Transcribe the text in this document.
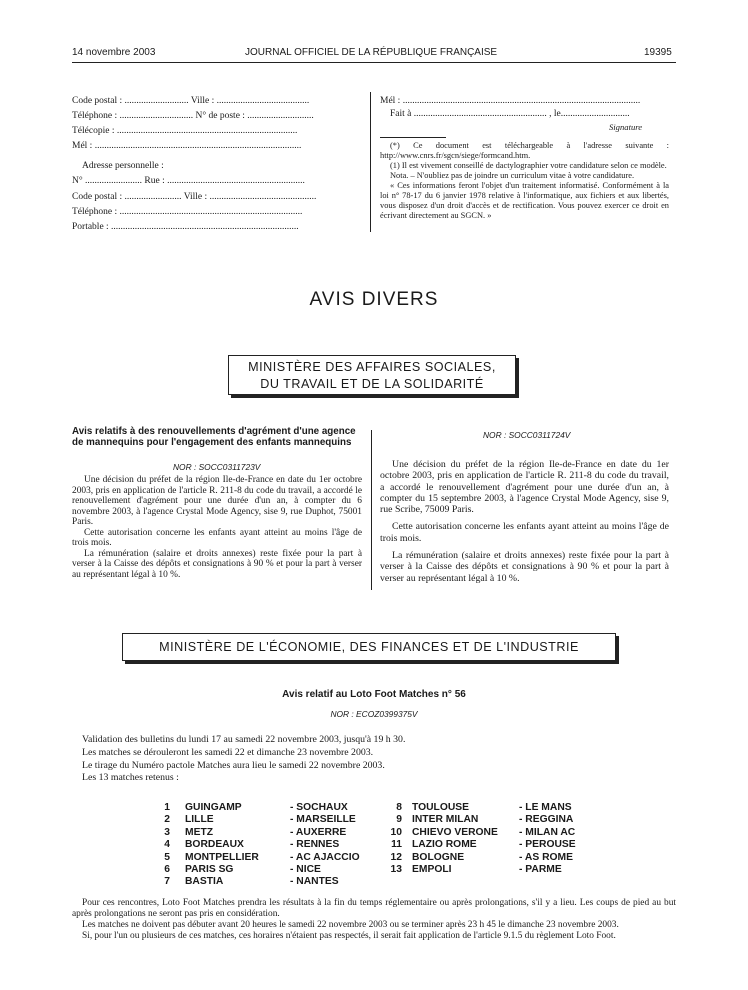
14 novembre 2003	JOURNAL OFFICIEL DE LA RÉPUBLIQUE FRANÇAISE	19395
Code postal : ........................... Ville : .......................................
Téléphone : ............................... N° de poste : ............................
Télécopie : ............................................................................
Mél : .......................................................................................
Adresse personnelle :
N° ........................ Rue : ..........................................................
Code postal : ........................ Ville : .............................................
Téléphone : .............................................................................
Portable : ...............................................................................
Mél : ....................................................................................................
Fait à ........................................................ , le.............................
Signature
(*) Ce document est téléchargeable à l'adresse suivante : http://www.cnrs.fr/sgcn/siege/formcand.htm.
(1) Il est vivement conseillé de dactylographier votre candidature selon ce modèle.
Nota. – N'oubliez pas de joindre un curriculum vitae à votre candidature.
« Ces informations feront l'objet d'un traitement informatisé. Conformément à la loi n° 78-17 du 6 janvier 1978 relative à l'informatique, aux fichiers et aux libertés, vous disposez d'un droit d'accès et de rectification. Vous pouvez exercer ce droit en écrivant directement au SGCN. »
AVIS DIVERS
MINISTÈRE DES AFFAIRES SOCIALES,
DU TRAVAIL ET DE LA SOLIDARITÉ
Avis relatifs à des renouvellements d'agrément d'une agence de mannequins pour l'engagement des enfants mannequins
NOR : SOCC0311723V
Une décision du préfet de la région Ile-de-France en date du 1er octobre 2003, pris en application de l'article R. 211-8 du code du travail, a accordé le renouvellement d'agrément pour une durée d'un an, à compter du 6 novembre 2003, à l'agence Crystal Mode Agency, sise 9, rue Duphot, 75001 Paris.
Cette autorisation concerne les enfants ayant atteint au moins l'âge de trois mois.
La rémunération (salaire et droits annexes) reste fixée pour la part à verser à la Caisse des dépôts et consignations à 90 % et pour la part à verser au représentant légal à 10 %.
NOR : SOCC0311724V
Une décision du préfet de la région Ile-de-France en date du 1er octobre 2003, pris en application de l'article R. 211-8 du code du travail, a accordé le renouvellement d'agrément pour une durée d'un an, à compter du 15 septembre 2003, à l'agence Crystal Mode Agency, sise 9, rue Scribe, 75009 Paris.
Cette autorisation concerne les enfants ayant atteint au moins l'âge de trois mois.
La rémunération (salaire et droits annexes) reste fixée pour la part à verser à la Caisse des dépôts et consignations à 90 % et pour la part à verser au représentant légal à 10 %.
MINISTÈRE DE L'ÉCONOMIE, DES FINANCES ET DE L'INDUSTRIE
Avis relatif au Loto Foot Matches n° 56
NOR : ECOZ0399375V
Validation des bulletins du lundi 17 au samedi 22 novembre 2003, jusqu'à 19 h 30.
Les matches se dérouleront les samedi 22 et dimanche 23 novembre 2003.
Le tirage du Numéro pactole Matches aura lieu le samedi 22 novembre 2003.
Les 13 matches retenus :
1 GUINGAMP	- SOCHAUX
2 LILLE	- MARSEILLE
3 METZ	- AUXERRE
4 BORDEAUX	- RENNES
5 MONTPELLIER	- AC AJACCIO
6 PARIS SG	- NICE
7 BASTIA	- NANTES
8 TOULOUSE	- LE MANS
9 INTER MILAN	- REGGINA
10 CHIEVO VERONE - MILAN AC
11 LAZIO ROME	- PEROUSE
12 BOLOGNE	- AS ROME
13 EMPOLI	- PARME
Pour ces rencontres, Loto Foot Matches prendra les résultats à la fin du temps réglementaire ou après prolongations, s'il y a lieu. Les coups de pied au but après prolongations ne seront pas pris en considération.
Les matches ne doivent pas débuter avant 20 heures le samedi 22 novembre 2003 ou se terminer après 23 h 45 le dimanche 23 novembre 2003.
Si, pour l'un ou plusieurs de ces matches, ces horaires n'étaient pas respectés, il serait fait application de l'article 9.1.5 du règlement Loto Foot.
